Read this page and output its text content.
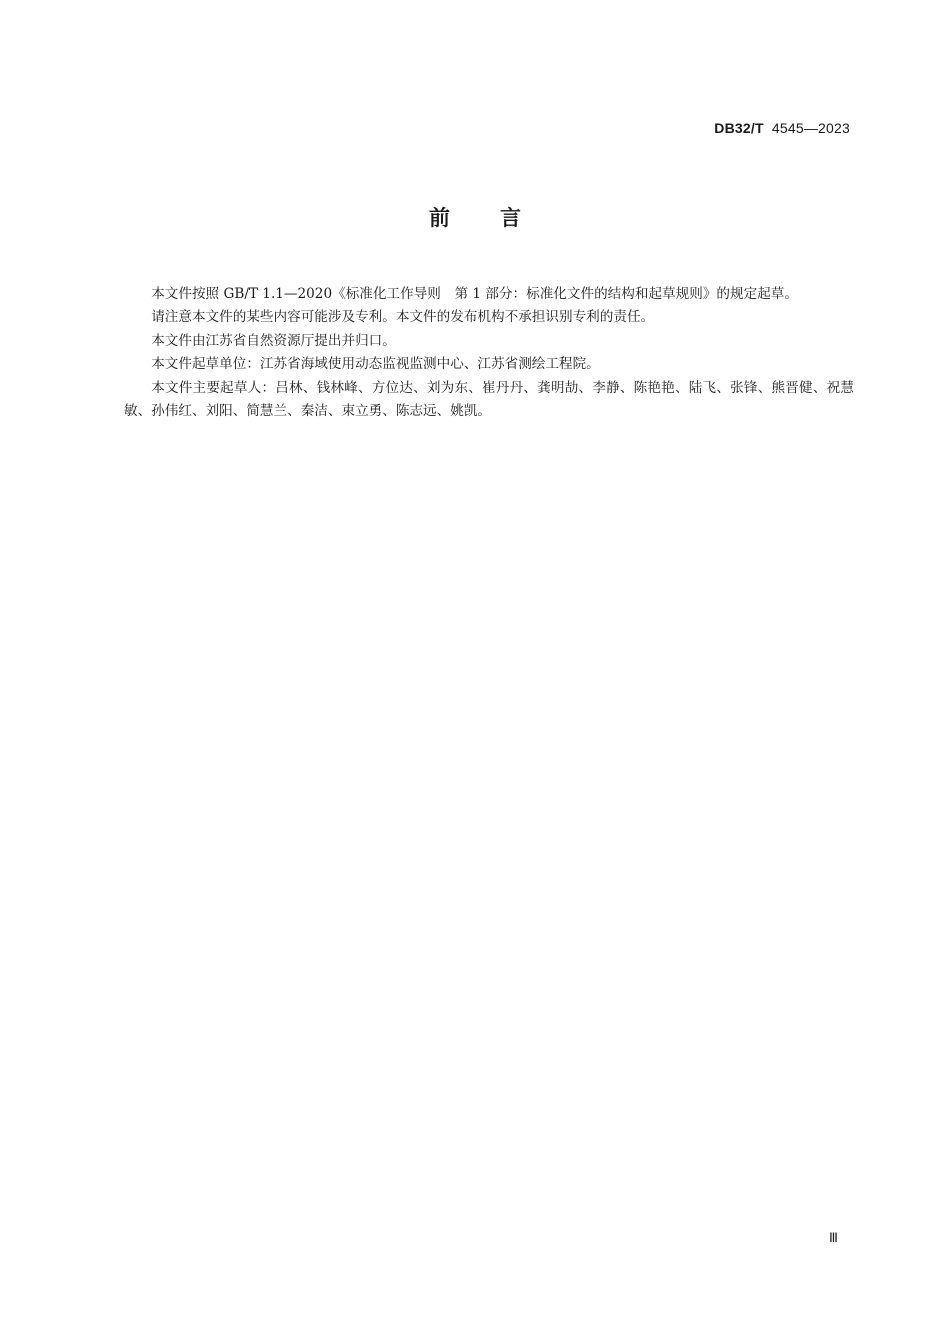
DB32/T 4545—2023
前言

本文件按照 GB/T 1.1—2020《标准化工作导则　第 1 部分：标准化文件的结构和起草规则》的规定起草。

请注意本文件的某些内容可能涉及专利。本文件的发布机构不承担识别专利的责任。

本文件由江苏省自然资源厅提出并归口。

本文件起草单位：江苏省海域使用动态监视监测中心、江苏省测绘工程院。

本文件主要起草人：吕林、钱林峰、方位达、刘为东、崔丹丹、龚明劼、李静、陈艳艳、陆飞、张锋、熊晋健、祝慧敏、孙伟红、刘阳、简慧兰、秦洁、束立勇、陈志远、姚凯。

Ⅲ
